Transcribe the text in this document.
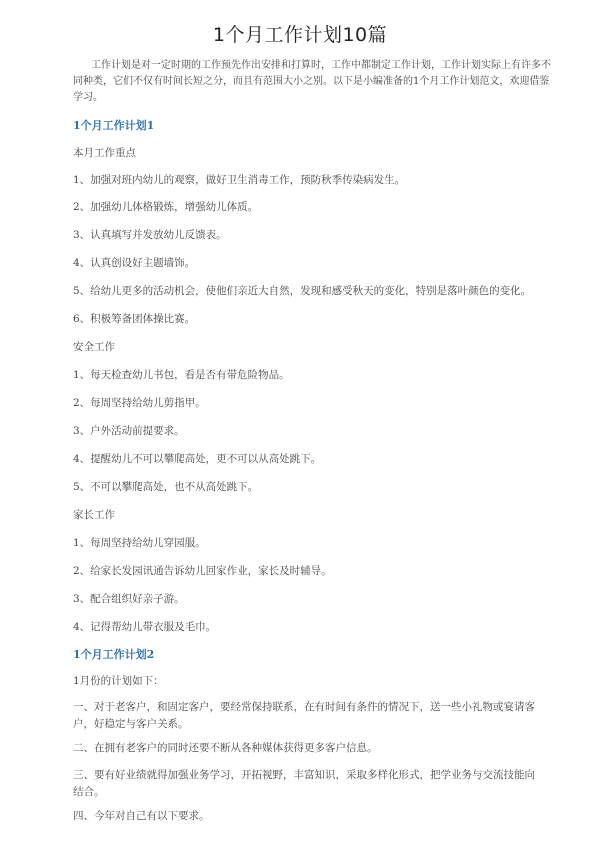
1个月工作计划10篇

工作计划是对一定时期的工作预先作出安排和打算时，工作中都制定工作计划，工作计划实际上有许多不同种类，它们不仅有时间长短之分，而且有范围大小之别。以下是小编准备的1个月工作计划范文，欢迎借鉴学习。

1个月工作计划1
本月工作重点
1、加强对班内幼儿的观察，做好卫生消毒工作，预防秋季传染病发生。
2、加强幼儿体格锻炼，增强幼儿体质。
3、认真填写并发放幼儿反馈表。
4、认真创设好主题墙饰。
5、给幼儿更多的活动机会，使他们亲近大自然，发现和感受秋天的变化，特别是落叶颜色的变化。
6、积极筹备团体操比赛。
安全工作
1、每天检查幼儿书包，看是否有带危险物品。
2、每周坚持给幼儿剪指甲。
3、户外活动前提要求。
4、提醒幼儿不可以攀爬高处，更不可以从高处跳下。
5、不可以攀爬高处，也不从高处跳下。
家长工作
1、每周坚持给幼儿穿园服。
2、给家长发园讯通告诉幼儿回家作业，家长及时辅导。
3、配合组织好亲子游。
4、记得帮幼儿带衣服及毛巾。
1个月工作计划2
1月份的计划如下：
一、对于老客户，和固定客户，要经常保持联系，在有时间有条件的情况下，送一些小礼物或宴请客户，好稳定与客户关系。
二、在拥有老客户的同时还要不断从各种媒体获得更多客户信息。
三、要有好业绩就得加强业务学习，开拓视野，丰富知识，采取多样化形式，把学业务与交流技能向结合。
四、今年对自己有以下要求。
